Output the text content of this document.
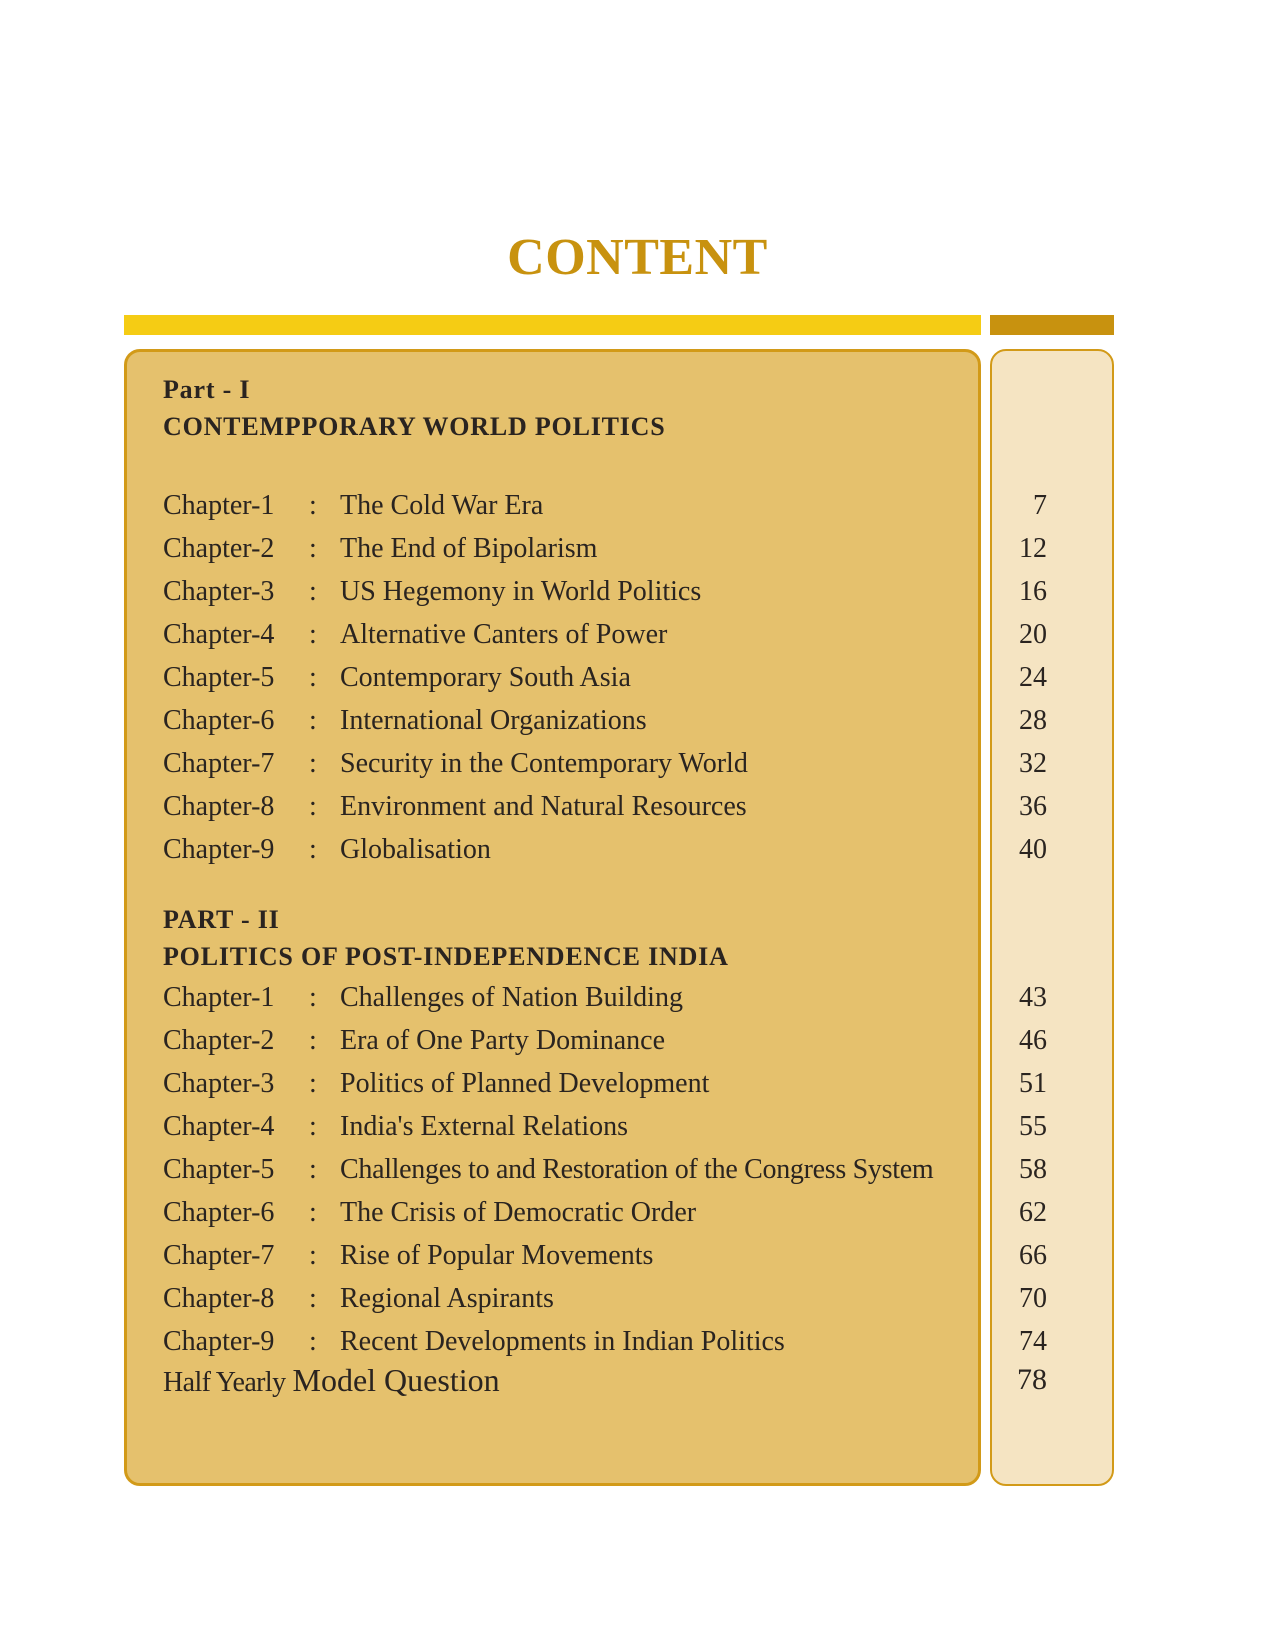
CONTENT
Part - I
CONTEMPPORARY WORLD POLITICS
Chapter-1 : The Cold War Era	7
Chapter-2 : The End of Bipolarism	12
Chapter-3 : US Hegemony in World Politics	16
Chapter-4 : Alternative Canters of Power	20
Chapter-5 : Contemporary South Asia	24
Chapter-6 : International Organizations	28
Chapter-7 : Security in the Contemporary World	32
Chapter-8 : Environment and Natural Resources	36
Chapter-9 : Globalisation	40
PART - II
POLITICS OF POST-INDEPENDENCE INDIA
Chapter-1 : Challenges of Nation Building	43
Chapter-2 : Era of One Party Dominance	46
Chapter-3 : Politics of Planned Development	51
Chapter-4 : India's External Relations	55
Chapter-5 : Challenges to and Restoration of the Congress System	58
Chapter-6 : The Crisis of Democratic Order	62
Chapter-7 : Rise of Popular Movements	66
Chapter-8 : Regional Aspirants	70
Chapter-9 : Recent Developments in Indian Politics	74
Half Yearly Model Question	78
